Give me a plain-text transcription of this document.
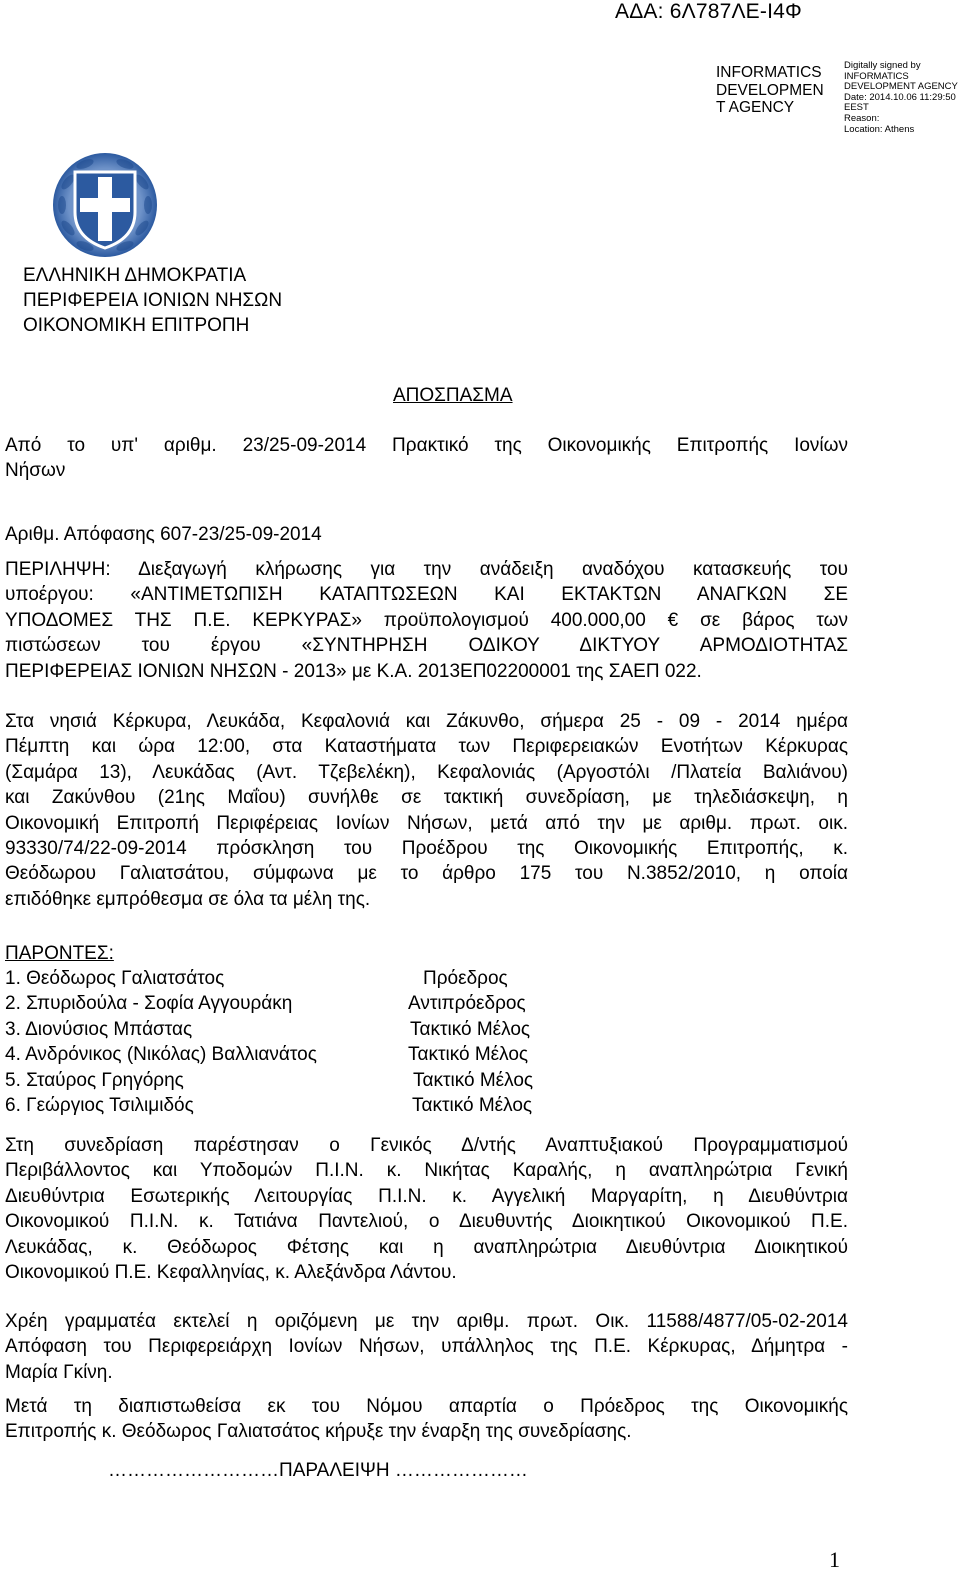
ΑΔΑ: 6Λ787ΛΕ-Ι4Φ
INFORMATICS
DEVELOPMEN
T AGENCY
Digitally signed by
INFORMATICS
DEVELOPMENT AGENCY
Date: 2014.10.06 11:29:50
EEST
Reason:
Location: Athens
ΕΛΛΗΝΙΚΗ ΔΗΜΟΚΡΑΤΙΑ
ΠΕΡΙΦΕΡΕΙΑ ΙΟΝΙΩΝ ΝΗΣΩΝ
ΟΙΚΟΝΟΜΙΚΗ ΕΠΙΤΡΟΠΗ
ΑΠΟΣΠΑΣΜΑ

Από το υπ' αριθμ. 23/25-09-2014 Πρακτικό της Οικονομικής Επιτροπής Ιονίων
Νήσων

Αριθμ. Απόφασης 607-23/25-09-2014

ΠΕΡΙΛΗΨΗ: Διεξαγωγή κλήρωσης για την ανάδειξη αναδόχου κατασκευής του
υποέργου: «ΑΝΤΙΜΕΤΩΠΙΣΗ ΚΑΤΑΠΤΩΣΕΩΝ ΚΑΙ ΕΚΤΑΚΤΩΝ ΑΝΑΓΚΩΝ ΣΕ
ΥΠΟΔΟΜΕΣ ΤΗΣ Π.Ε. ΚΕΡΚΥΡΑΣ» προϋπολογισμού 400.000,00 € σε βάρος των
πιστώσεων του έργου «ΣΥΝΤΗΡΗΣΗ ΟΔΙΚΟΥ ΔΙΚΤΥΟΥ ΑΡΜΟΔΙΟΤΗΤΑΣ
ΠΕΡΙΦΕΡΕΙΑΣ ΙΟΝΙΩΝ ΝΗΣΩΝ - 2013» με Κ.Α. 2013ΕΠ02200001 της ΣΑΕΠ 022.

Στα νησιά Κέρκυρα, Λευκάδα, Κεφαλονιά και Ζάκυνθο, σήμερα 25 - 09 - 2014 ημέρα
Πέμπτη και ώρα 12:00, στα Καταστήματα των Περιφερειακών Ενοτήτων Κέρκυρας
(Σαμάρα 13), Λευκάδας (Αντ. Τζεβελέκη), Κεφαλονιάς (Αργοστόλι /Πλατεία Βαλιάνου)
και Ζακύνθου (21ης Μαΐου) συνήλθε σε τακτική συνεδρίαση, με τηλεδιάσκεψη, η
Οικονομική Επιτροπή Περιφέρειας Ιονίων Νήσων, μετά από την με αριθμ. πρωτ. οικ.
93330/74/22-09-2014 πρόσκληση του Προέδρου της Οικονομικής Επιτροπής, κ.
Θεόδωρου Γαλιατσάτου, σύμφωνα με το άρθρο 175 του Ν.3852/2010, η οποία
επιδόθηκε εμπρόθεσμα σε όλα τα μέλη της.

ΠΑΡΟΝΤΕΣ:
1. Θεόδωρος Γαλιατσάτος	Πρόεδρος
2. Σπυριδούλα - Σοφία Αγγουράκη	Αντιπρόεδρος
3. Διονύσιος Μπάστας	Τακτικό Μέλος
4. Ανδρόνικος (Νικόλας) Βαλλιανάτος	Τακτικό Μέλος
5. Σταύρος Γρηγόρης	Τακτικό Μέλος
6. Γεώργιος Τσιλιμιδός	Τακτικό Μέλος

Στη συνεδρίαση παρέστησαν ο Γενικός Δ/ντής Αναπτυξιακού Προγραμματισμού
Περιβάλλοντος και Υποδομών Π.Ι.Ν. κ. Νικήτας Καραλής, η αναπληρώτρια Γενική
Διευθύντρια Εσωτερικής Λειτουργίας Π.Ι.Ν. κ. Αγγελική Μαργαρίτη, η Διευθύντρια
Οικονομικού Π.Ι.Ν. κ. Τατιάνα Παντελιού, ο Διευθυντής Διοικητικού Οικονομικού Π.Ε.
Λευκάδας, κ. Θεόδωρος Φέτσης και η αναπληρώτρια Διευθύντρια Διοικητικού
Οικονομικού Π.Ε. Κεφαλληνίας, κ. Αλεξάνδρα Λάντου.

Χρέη γραμματέα εκτελεί η οριζόμενη με την αριθμ. πρωτ. Οικ. 11588/4877/05-02-2014
Απόφαση του Περιφερειάρχη Ιονίων Νήσων, υπάλληλος της Π.Ε. Κέρκυρας, Δήμητρα -
Μαρία Γκίνη.

Μετά τη διαπιστωθείσα εκ του Νόμου απαρτία ο Πρόεδρος της Οικονομικής
Επιτροπής κ. Θεόδωρος Γαλιατσάτος κήρυξε την έναρξη της συνεδρίασης.

………………………ΠΑΡΑΛΕΙΨΗ …………………
1
